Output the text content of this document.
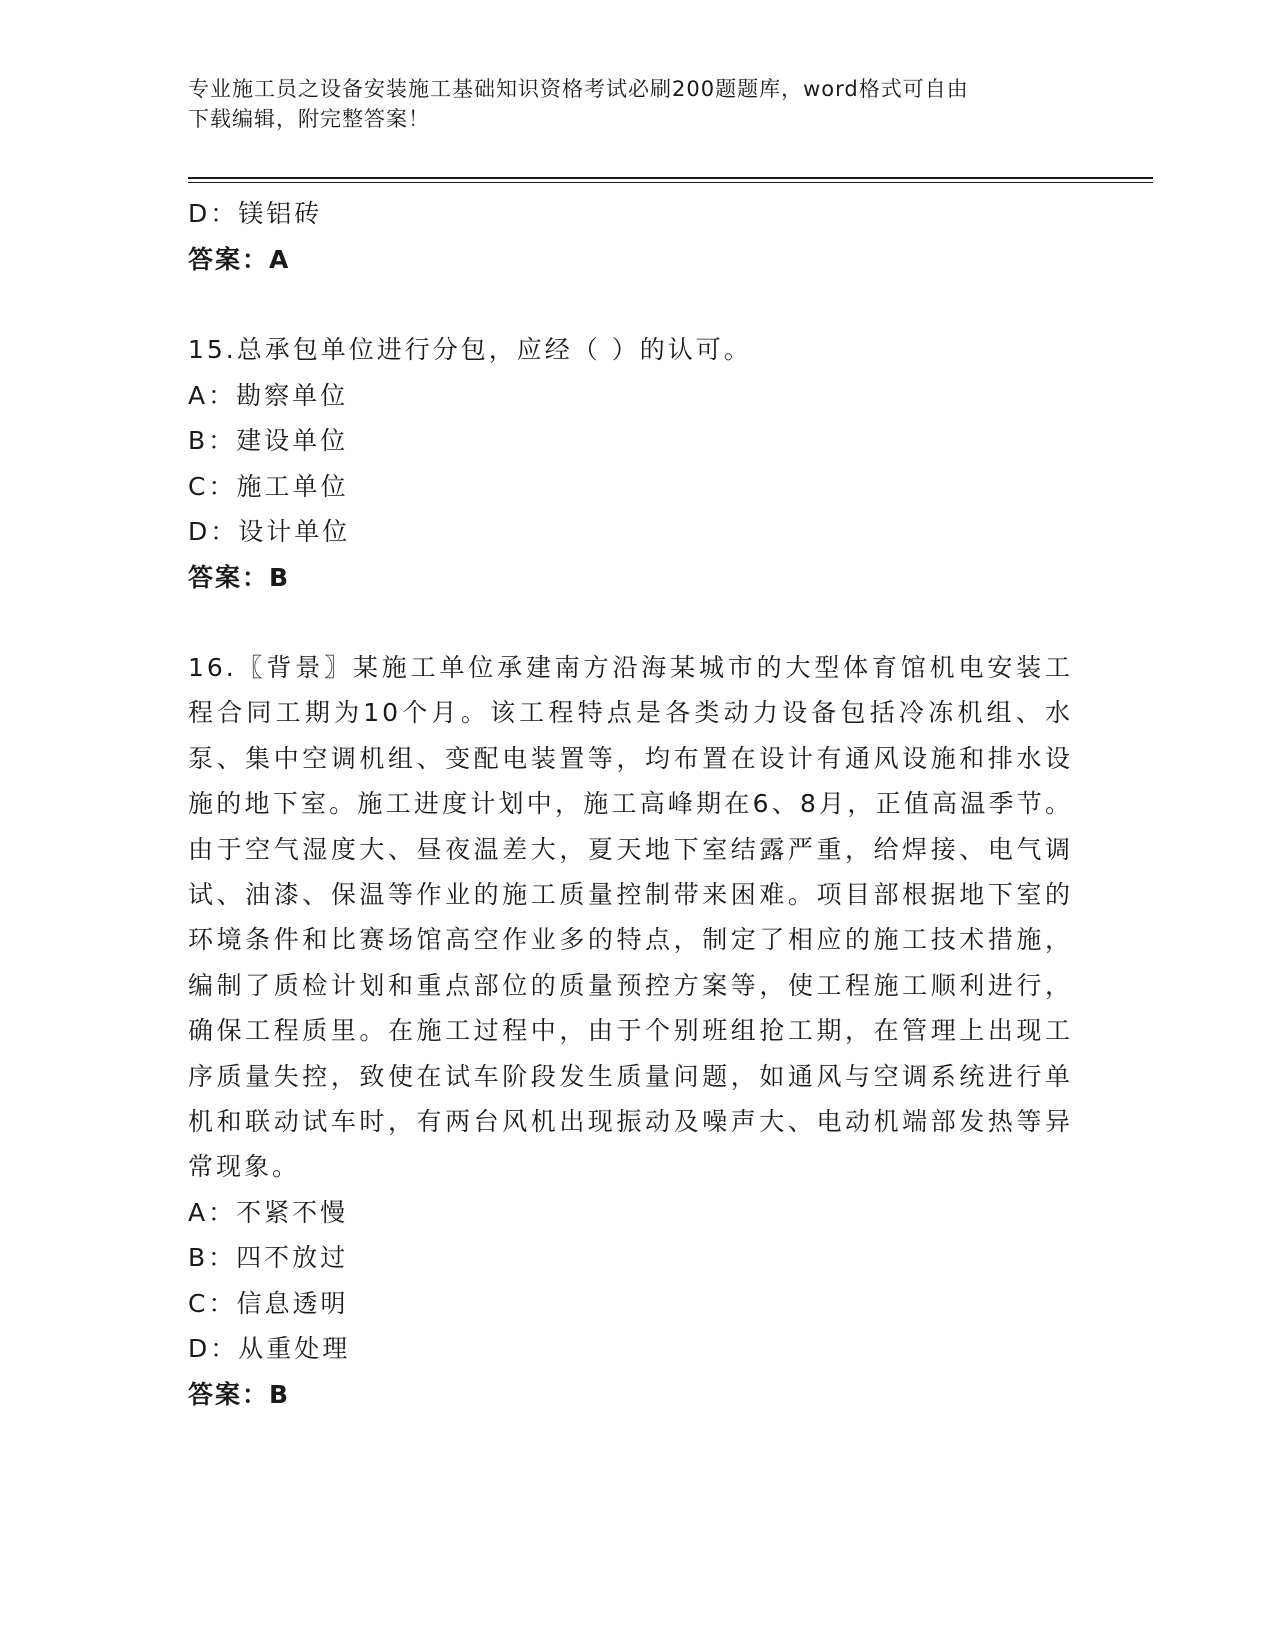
专业施工员之设备安装施工基础知识资格考试必刷200题题库，word格式可自由
下载编辑，附完整答案！
D：镁铝砖
答案：A
15.总承包单位进行分包，应经（ ）的认可。
A：勘察单位
B：建设单位
C：施工单位
D：设计单位
答案：B
16.〖背景〗某施工单位承建南方沿海某城市的大型体育馆机电安装工程合同工期为10个月。该工程特点是各类动力设备包括冷冻机组、水泵、集中空调机组、变配电装置等，均布置在设计有通风设施和排水设施的地下室。施工进度计划中，施工高峰期在6、8月，正值高温季节。由于空气湿度大、昼夜温差大，夏天地下室结露严重，给焊接、电气调试、油漆、保温等作业的施工质量控制带来困难。项目部根据地下室的环境条件和比赛场馆高空作业多的特点，制定了相应的施工技术措施，编制了质检计划和重点部位的质量预控方案等，使工程施工顺利进行，确保工程质里。在施工过程中，由于个别班组抢工期，在管理上出现工序质量失控，致使在试车阶段发生质量问题，如通风与空调系统进行单机和联动试车时，有两台风机出现振动及噪声大、电动机端部发热等异常现象。
A：不紧不慢
B：四不放过
C：信息透明
D：从重处理
答案：B
